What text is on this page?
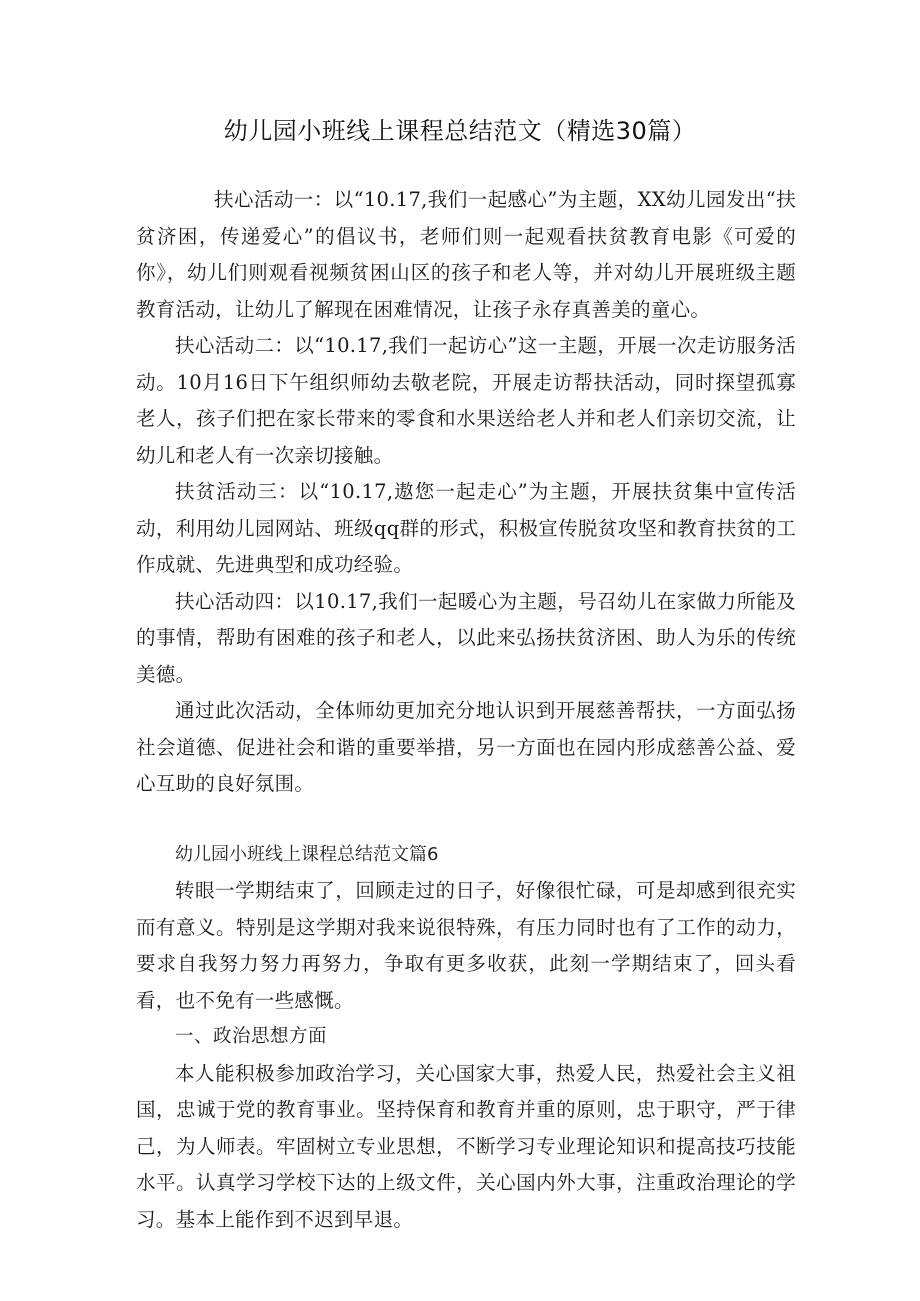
幼儿园小班线上课程总结范文（精选30篇）

扶心活动一：以“10.17,我们一起感心”为主题，XX幼儿园发出“扶贫济困，传递爱心”的倡议书，老师们则一起观看扶贫教育电影《可爱的你》，幼儿们则观看视频贫困山区的孩子和老人等，并对幼儿开展班级主题教育活动，让幼儿了解现在困难情况，让孩子永存真善美的童心。

扶心活动二：以“10.17,我们一起访心”这一主题，开展一次走访服务活动。10月16日下午组织师幼去敬老院，开展走访帮扶活动，同时探望孤寡老人，孩子们把在家长带来的零食和水果送给老人并和老人们亲切交流，让幼儿和老人有一次亲切接触。

扶贫活动三：以“10.17,遨您一起走心”为主题，开展扶贫集中宣传活动，利用幼儿园网站、班级qq群的形式，积极宣传脱贫攻坚和教育扶贫的工作成就、先进典型和成功经验。

扶心活动四：以10.17,我们一起暖心为主题，号召幼儿在家做力所能及的事情，帮助有困难的孩子和老人，以此来弘扬扶贫济困、助人为乐的传统美德。

通过此次活动，全体师幼更加充分地认识到开展慈善帮扶，一方面弘扬社会道德、促进社会和谐的重要举措，另一方面也在园内形成慈善公益、爱心互助的良好氛围。

幼儿园小班线上课程总结范文篇6

转眼一学期结束了，回顾走过的日子，好像很忙碌，可是却感到很充实而有意义。特别是这学期对我来说很特殊，有压力同时也有了工作的动力，要求自我努力努力再努力，争取有更多收获，此刻一学期结束了，回头看看，也不免有一些感慨。

一、政治思想方面

本人能积极参加政治学习，关心国家大事，热爱人民，热爱社会主义祖国，忠诚于党的教育事业。坚持保育和教育并重的原则，忠于职守，严于律己，为人师表。牢固树立专业思想，不断学习专业理论知识和提高技巧技能水平。认真学习学校下达的上级文件，关心国内外大事，注重政治理论的学习。基本上能作到不迟到早退。
